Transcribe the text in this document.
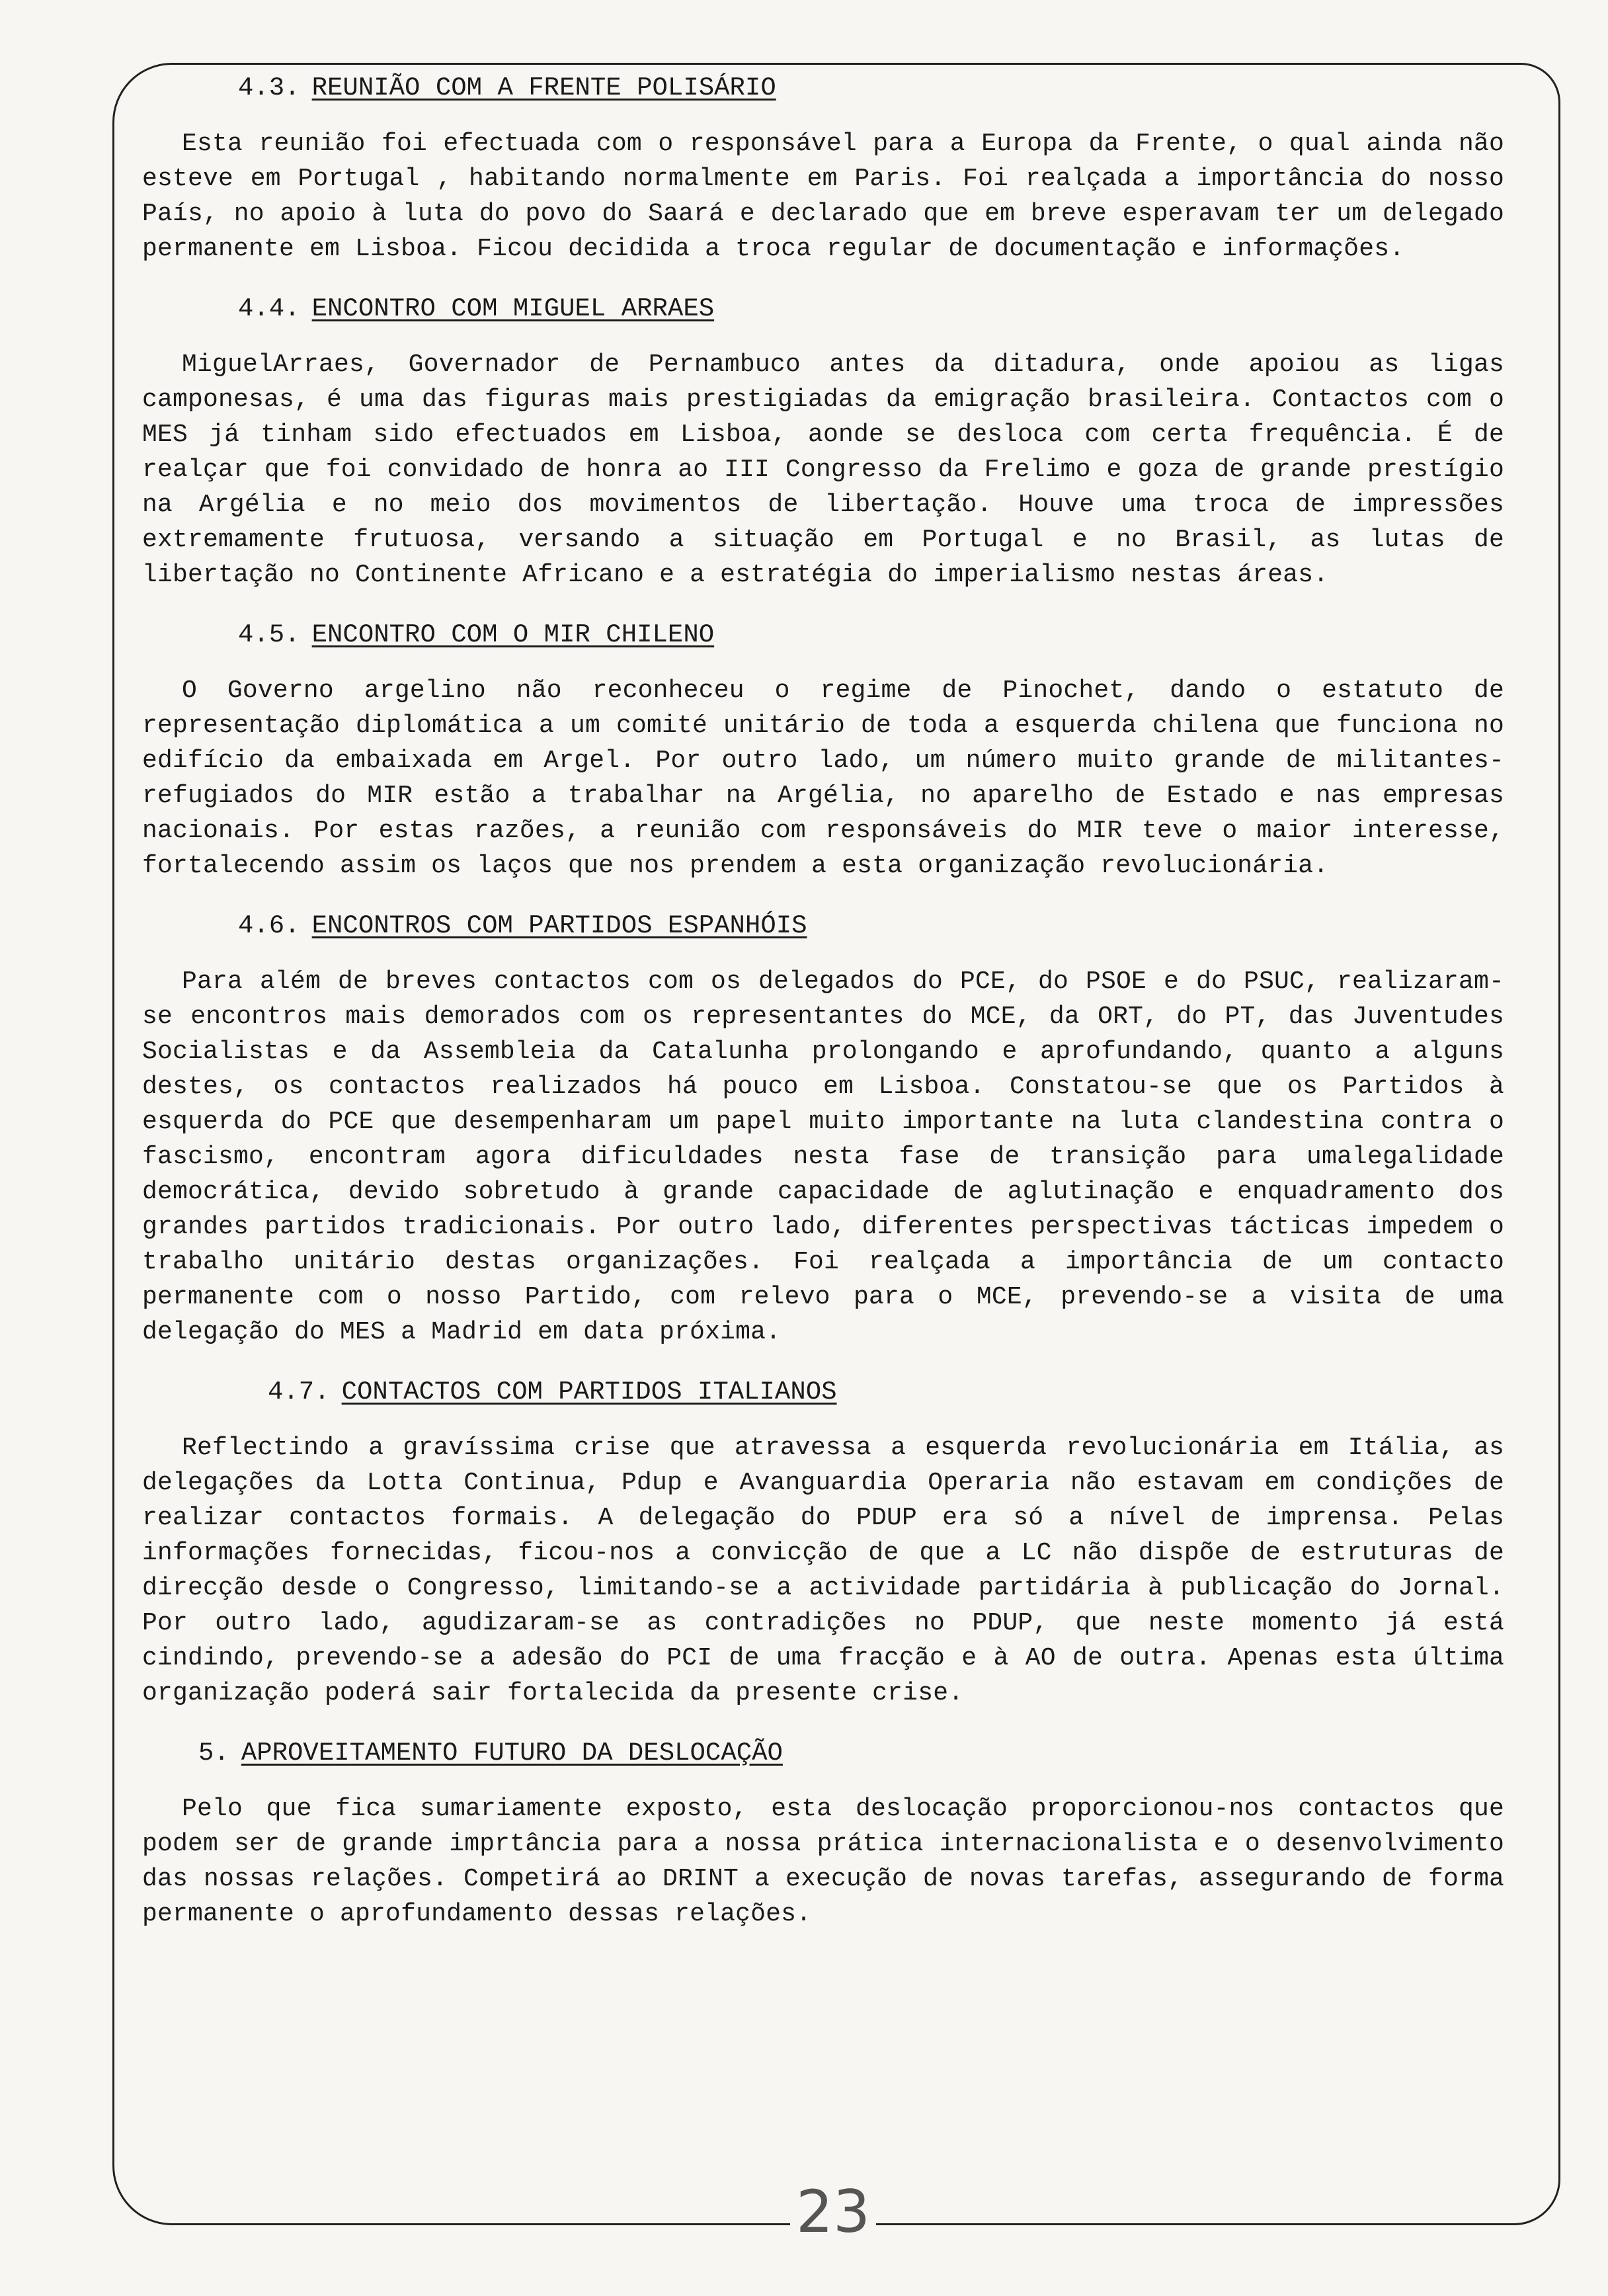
4.3. REUNIÃO COM A FRENTE POLISÁRIO

Esta reunião foi efectuada com o responsável para a Europa da Frente, o qual ainda não esteve em Portugal , habitando normalmente em Paris. Foi realçada a importância do nosso País, no apoio à luta do povo do Saará e declarado que em breve esperavam ter um delegado permanente em Lisboa. Ficou decidida a troca regular de documentação e informações.

4.4. ENCONTRO COM MIGUEL ARRAES

MiguelArraes, Governador de Pernambuco antes da ditadura, onde apoiou as ligas camponesas, é uma das figuras mais prestigiadas da emigração brasileira. Contactos com o MES já tinham sido efectuados em Lisboa, aonde se desloca com certa frequência. É de realçar que foi convidado de honra ao III Congresso da Frelimo e goza de grande prestígio na Argélia e no meio dos movimentos de libertação. Houve uma troca de impressões extremamente frutuosa, versando a situação em Portugal e no Brasil, as lutas de libertação no Continente Africano e a estratégia do imperialismo nestas áreas.

4.5. ENCONTRO COM O MIR CHILENO

O Governo argelino não reconheceu o regime de Pinochet, dando o estatuto de representação diplomática a um comité unitário de toda a esquerda chilena que funciona no edifício da embaixada em Argel. Por outro lado, um número muito grande de militantes-refugiados do MIR estão a trabalhar na Argélia, no aparelho de Estado e nas empresas nacionais. Por estas razões, a reunião com responsáveis do MIR teve o maior interesse, fortalecendo assim os laços que nos prendem a esta organização revolucionária.

4.6. ENCONTROS COM PARTIDOS ESPANHÓIS

Para além de breves contactos com os delegados do PCE, do PSOE e do PSUC, realizaram-se encontros mais demorados com os representantes do MCE, da ORT, do PT, das Juventudes Socialistas e da Assembleia da Catalunha prolongando e aprofundando, quanto a alguns destes, os contactos realizados há pouco em Lisboa. Constatou-se que os Partidos à esquerda do PCE que desempenharam um papel muito importante na luta clandestina contra o fascismo, encontram agora dificuldades nesta fase de transição para umalegalidade democrática, devido sobretudo à grande capacidade de aglutinação e enquadramento dos grandes partidos tradicionais. Por outro lado, diferentes perspectivas tácticas impedem o trabalho unitário destas organizações. Foi realçada a importância de um contacto permanente com o nosso Partido, com relevo para o MCE, prevendo-se a visita de uma delegação do MES a Madrid em data próxima.

4.7. CONTACTOS COM PARTIDOS ITALIANOS

Reflectindo a gravíssima crise que atravessa a esquerda revolucionária em Itália, as delegações da Lotta Continua, Pdup e Avanguardia Operaria não estavam em condições de realizar contactos formais. A delegação do PDUP era só a nível de imprensa. Pelas informações fornecidas, ficou-nos a convicção de que a LC não dispõe de estruturas de direcção desde o Congresso, limitando-se a actividade partidária à publicação do Jornal. Por outro lado, agudizaram-se as contradições no PDUP, que neste momento já está cindindo, prevendo-se a adesão do PCI de uma fracção e à AO de outra. Apenas esta última organização poderá sair fortalecida da presente crise.

5. APROVEITAMENTO FUTURO DA DESLOCAÇÃO

Pelo que fica sumariamente exposto, esta deslocação proporcionou-nos contactos que podem ser de grande imprtância para a nossa prática internacionalista e o desenvolvimento das nossas relações. Competirá ao DRINT a execução de novas tarefas, assegurando de forma permanente o aprofundamento dessas relações.

23
